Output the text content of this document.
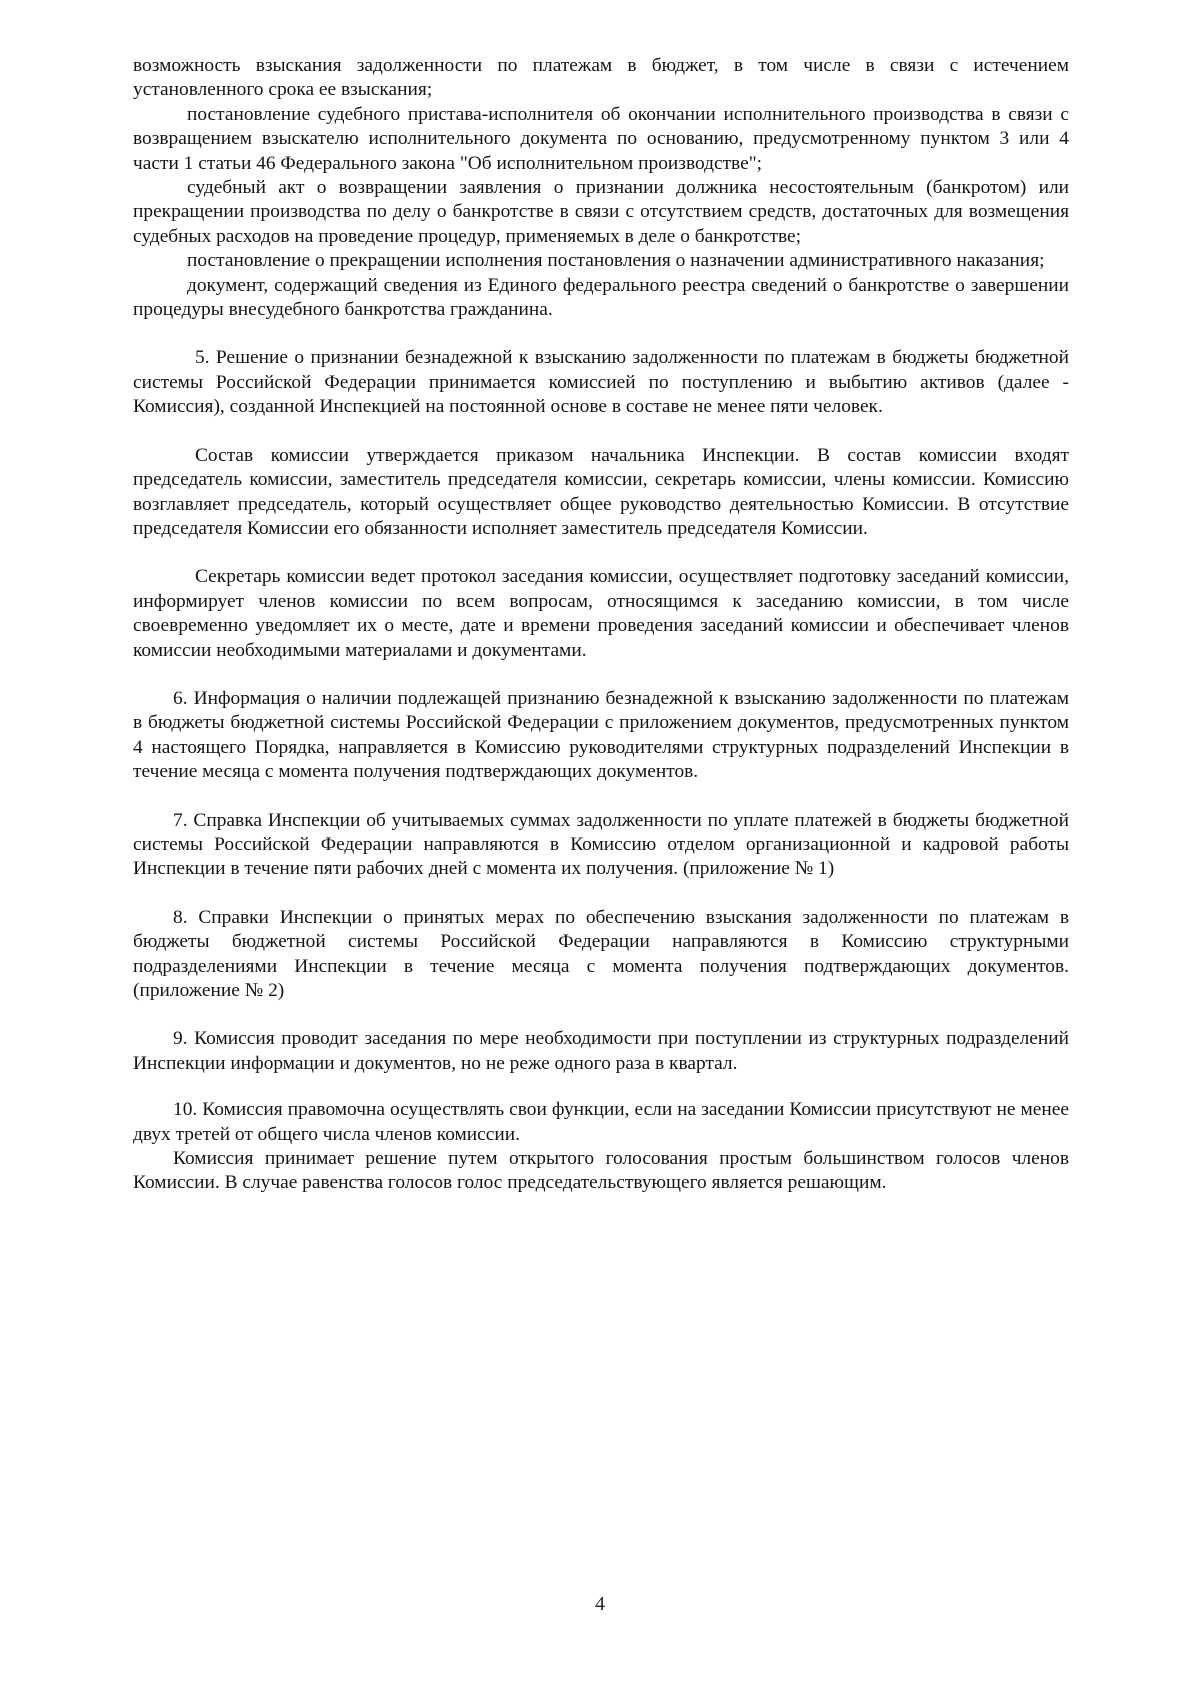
возможность взыскания задолженности по платежам в бюджет, в том числе в связи с истечением установленного срока ее взыскания;

постановление судебного пристава-исполнителя об окончании исполнительного производства в связи с возвращением взыскателю исполнительного документа по основанию, предусмотренному пунктом 3 или 4 части 1 статьи 46 Федерального закона "Об исполнительном производстве";

судебный акт о возвращении заявления о признании должника несостоятельным (банкротом) или прекращении производства по делу о банкротстве в связи с отсутствием средств, достаточных для возмещения судебных расходов на проведение процедур, применяемых в деле о банкротстве;

постановление о прекращении исполнения постановления о назначении административного наказания;

документ, содержащий сведения из Единого федерального реестра сведений о банкротстве о завершении процедуры внесудебного банкротства гражданина.

5. Решение о признании безнадежной к взысканию задолженности по платежам в бюджеты бюджетной системы Российской Федерации принимается комиссией по поступлению и выбытию активов (далее - Комиссия), созданной Инспекцией на постоянной основе в составе не менее пяти человек.

Состав комиссии утверждается приказом начальника Инспекции. В состав комиссии входят председатель комиссии, заместитель председателя комиссии, секретарь комиссии, члены комиссии. Комиссию возглавляет председатель, который осуществляет общее руководство деятельностью Комиссии. В отсутствие председателя Комиссии его обязанности исполняет заместитель председателя Комиссии.

Секретарь комиссии ведет протокол заседания комиссии, осуществляет подготовку заседаний комиссии, информирует членов комиссии по всем вопросам, относящимся к заседанию комиссии, в том числе своевременно уведомляет их о месте, дате и времени проведения заседаний комиссии и обеспечивает членов комиссии необходимыми материалами и документами.

6. Информация о наличии подлежащей признанию безнадежной к взысканию задолженности по платежам в бюджеты бюджетной системы Российской Федерации с приложением документов, предусмотренных пунктом 4 настоящего Порядка, направляется в Комиссию руководителями структурных подразделений Инспекции в течение месяца с момента получения подтверждающих документов.

7. Справка Инспекции об учитываемых суммах задолженности по уплате платежей в бюджеты бюджетной системы Российской Федерации направляются в Комиссию отделом организационной и кадровой работы Инспекции в течение пяти рабочих дней с момента их получения. (приложение № 1)

8. Справки Инспекции о принятых мерах по обеспечению взыскания задолженности по платежам в бюджеты бюджетной системы Российской Федерации направляются в Комиссию структурными подразделениями Инспекции в течение месяца с момента получения подтверждающих документов. (приложение № 2)

9. Комиссия проводит заседания по мере необходимости при поступлении из структурных подразделений Инспекции информации и документов, но не реже одного раза в квартал.

10. Комиссия правомочна осуществлять свои функции, если на заседании Комиссии присутствуют не менее двух третей от общего числа членов комиссии.

Комиссия принимает решение путем открытого голосования простым большинством голосов членов Комиссии. В случае равенства голосов голос председательствующего является решающим.

4
